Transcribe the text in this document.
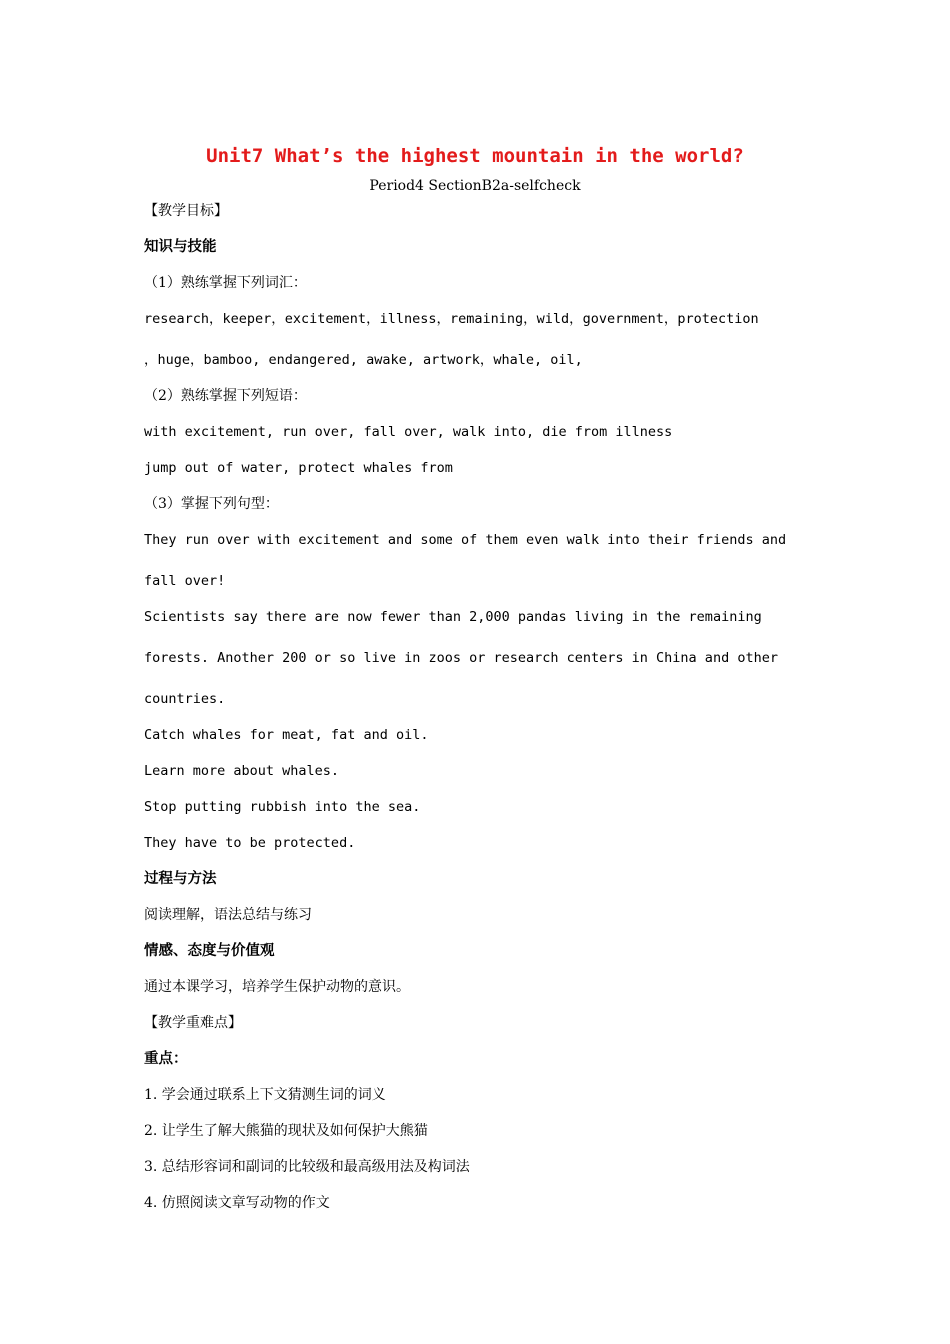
Unit7 What’s the highest mountain in the world?
Period4 SectionB2a-selfcheck
【教学目标】
知识与技能
（1）熟练掌握下列词汇：
research，keeper，excitement，illness，remaining，wild，government，protection
，huge，bamboo, endangered, awake, artwork，whale, oil,
（2）熟练掌握下列短语：
with excitement, run over, fall over, walk into, die from illness
jump out of water, protect whales from
（3）掌握下列句型：
They run over with excitement and some of them even walk into their friends and
fall over!
Scientists say there are now fewer than 2,000 pandas living in the remaining
forests. Another 200 or so live in zoos or research centers in China and other
countries.
Catch whales for meat, fat and oil.
Learn more about whales.
Stop putting rubbish into the sea.
They have to be protected.
过程与方法
阅读理解，语法总结与练习
情感、态度与价值观
通过本课学习，培养学生保护动物的意识。
【教学重难点】
重点：
1. 学会通过联系上下文猜测生词的词义
2. 让学生了解大熊猫的现状及如何保护大熊猫
3. 总结形容词和副词的比较级和最高级用法及构词法
4. 仿照阅读文章写动物的作文
